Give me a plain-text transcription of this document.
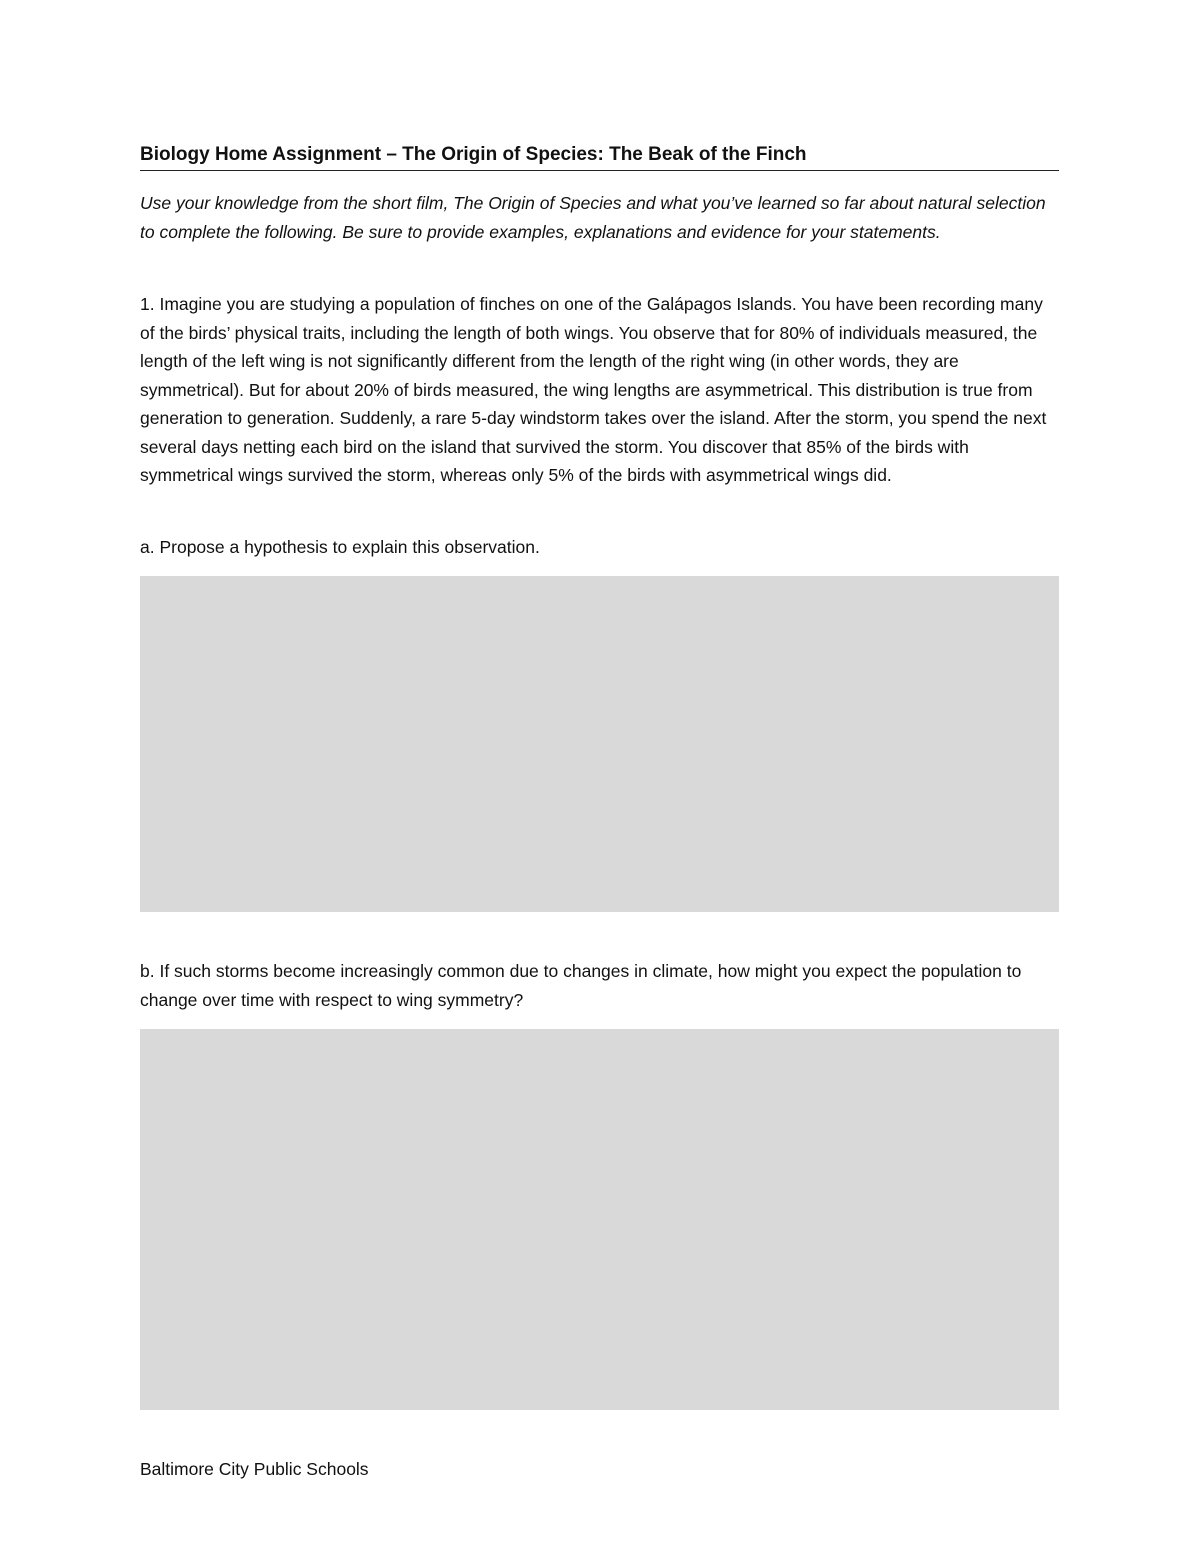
Biology Home Assignment – The Origin of Species: The Beak of the Finch

Use your knowledge from the short film, The Origin of Species and what you’ve learned so far about natural selection to complete the following. Be sure to provide examples, explanations and evidence for your statements.

1. Imagine you are studying a population of finches on one of the Galápagos Islands. You have been recording many of the birds’ physical traits, including the length of both wings. You observe that for 80% of individuals measured, the length of the left wing is not significantly different from the length of the right wing (in other words, they are symmetrical). But for about 20% of birds measured, the wing lengths are asymmetrical. This distribution is true from generation to generation. Suddenly, a rare 5-day windstorm takes over the island. After the storm, you spend the next several days netting each bird on the island that survived the storm. You discover that 85% of the birds with symmetrical wings survived the storm, whereas only 5% of the birds with asymmetrical wings did.

a. Propose a hypothesis to explain this observation.

b. If such storms become increasingly common due to changes in climate, how might you expect the population to change over time with respect to wing symmetry?

Baltimore City Public Schools
